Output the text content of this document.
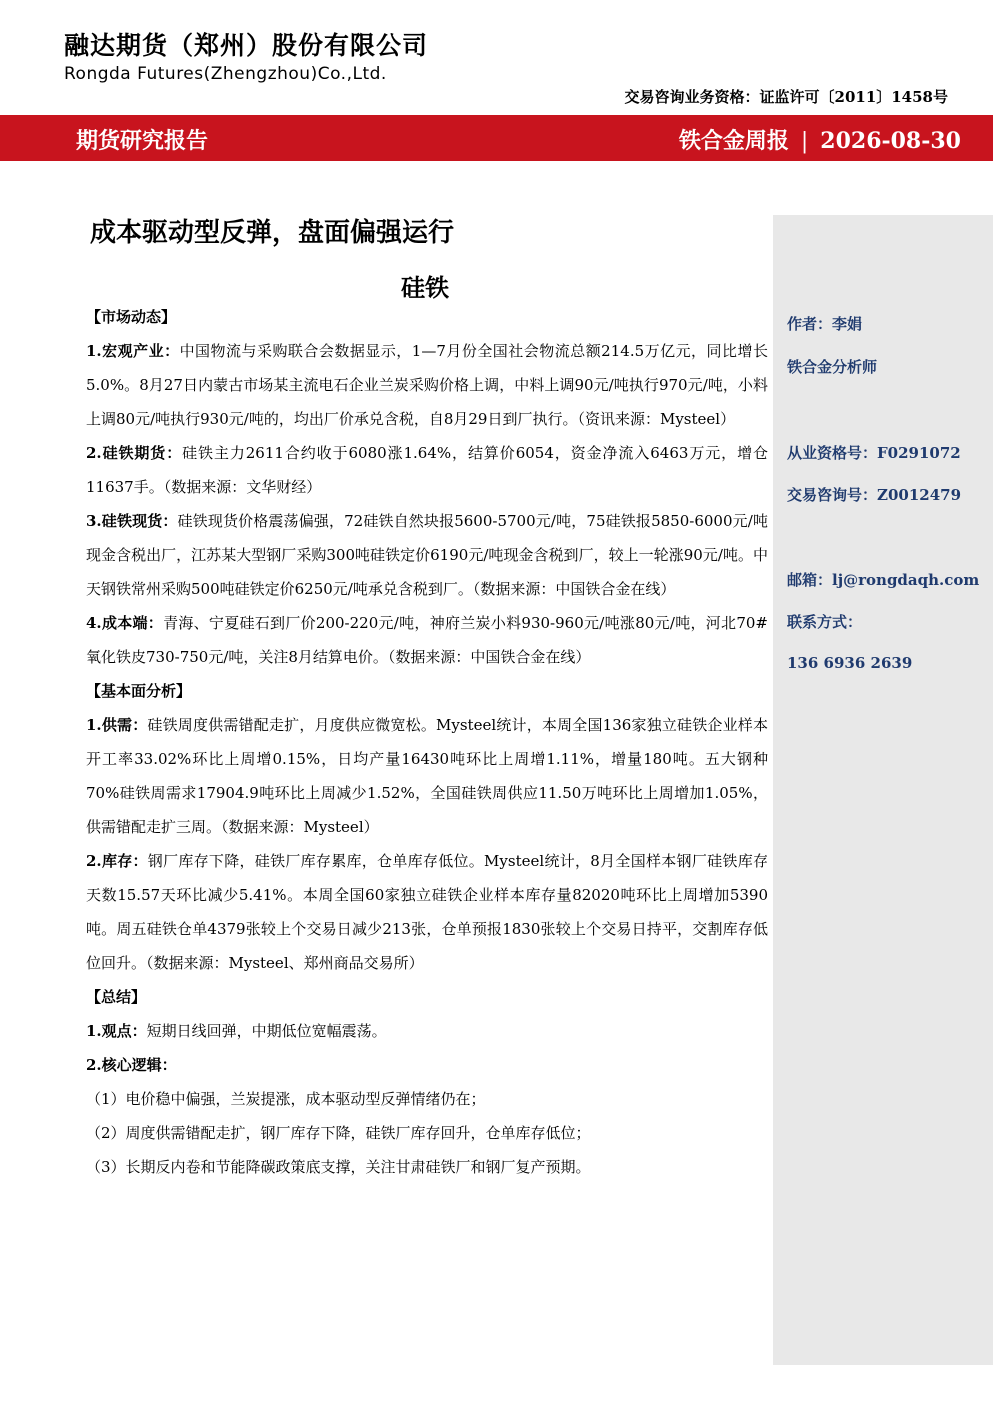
融达期货（郑州）股份有限公司
Rongda Futures(Zhengzhou)Co.,Ltd.
交易咨询业务资格：证监许可〔2011〕1458号
期货研究报告	铁合金周报 | 2026-08-30
作者：李娟
铁合金分析师
从业资格号：F0291072
交易咨询号：Z0012479
邮箱：lj@rongdaqh.com
联系方式：
136 6936 2639
成本驱动型反弹，盘面偏强运行
硅铁

【市场动态】

1.宏观产业：中国物流与采购联合会数据显示，1—7月份全国社会物流总额214.5万亿元，同比增长5.0%。8月27日内蒙古市场某主流电石企业兰炭采购价格上调，中料上调90元/吨执行970元/吨，小料上调80元/吨执行930元/吨的，均出厂价承兑含税，自8月29日到厂执行。（资讯来源：Mysteel）

2.硅铁期货：硅铁主力2611合约收于6080涨1.64%，结算价6054，资金净流入6463万元，增仓11637手。（数据来源：文华财经）

3.硅铁现货：硅铁现货价格震荡偏强，72硅铁自然块报5600-5700元/吨，75硅铁报5850-6000元/吨现金含税出厂，江苏某大型钢厂采购300吨硅铁定价6190元/吨现金含税到厂，较上一轮涨90元/吨。中天钢铁常州采购500吨硅铁定价6250元/吨承兑含税到厂。（数据来源：中国铁合金在线）

4.成本端：青海、宁夏硅石到厂价200-220元/吨，神府兰炭小料930-960元/吨涨80元/吨，河北70#氧化铁皮730-750元/吨，关注8月结算电价。（数据来源：中国铁合金在线）

【基本面分析】

1.供需：硅铁周度供需错配走扩，月度供应微宽松。Mysteel统计，本周全国136家独立硅铁企业样本开工率33.02%环比上周增0.15%，日均产量16430吨环比上周增1.11%，增量180吨。五大钢种70%硅铁周需求17904.9吨环比上周减少1.52%，全国硅铁周供应11.50万吨环比上周增加1.05%，供需错配走扩三周。（数据来源：Mysteel）

2.库存：钢厂库存下降，硅铁厂库存累库，仓单库存低位。Mysteel统计，8月全国样本钢厂硅铁库存天数15.57天环比减少5.41%。本周全国60家独立硅铁企业样本库存量82020吨环比上周增加5390吨。周五硅铁仓单4379张较上个交易日减少213张，仓单预报1830张较上个交易日持平，交割库存低位回升。（数据来源：Mysteel、郑州商品交易所）

【总结】

1.观点：短期日线回弹，中期低位宽幅震荡。

2.核心逻辑：

（1）电价稳中偏强，兰炭提涨，成本驱动型反弹情绪仍在；

（2）周度供需错配走扩，钢厂库存下降，硅铁厂库存回升，仓单库存低位；

（3）长期反内卷和节能降碳政策底支撑，关注甘肃硅铁厂和钢厂复产预期。
